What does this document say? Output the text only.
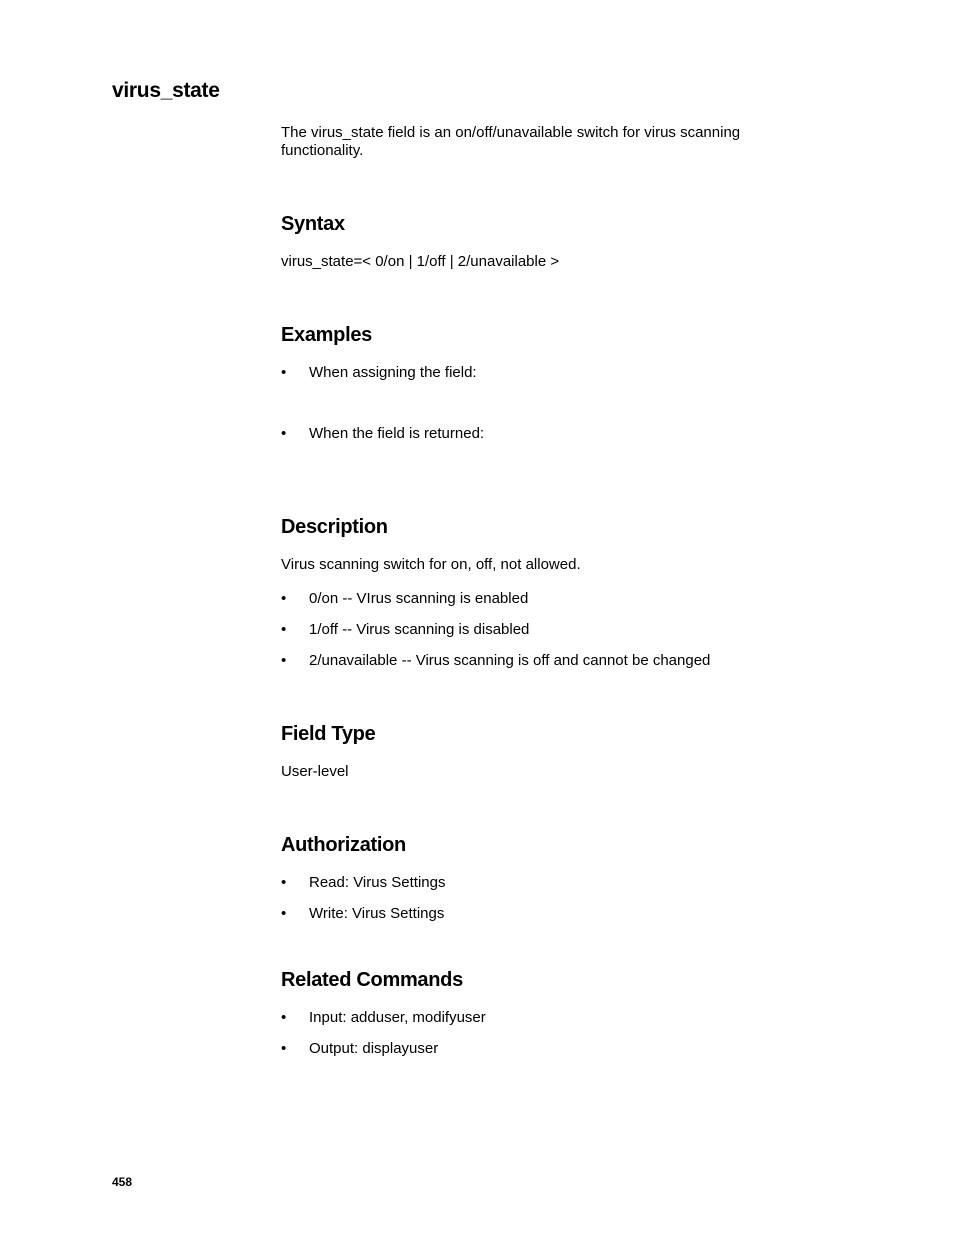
virus_state

The virus_state field is an on/off/unavailable switch for virus scanning functionality.

Syntax

virus_state=< 0/on | 1/off | 2/unavailable >

Examples
• When assigning the field:
• When the field is returned:
Description

Virus scanning switch for on, off, not allowed.

• 0/on -- VIrus scanning is enabled
• 1/off -- Virus scanning is disabled
• 2/unavailable -- Virus scanning is off and cannot be changed
Field Type

User-level

Authorization
• Read: Virus Settings
• Write: Virus Settings
Related Commands
• Input: adduser, modifyuser
• Output: displayuser

458
